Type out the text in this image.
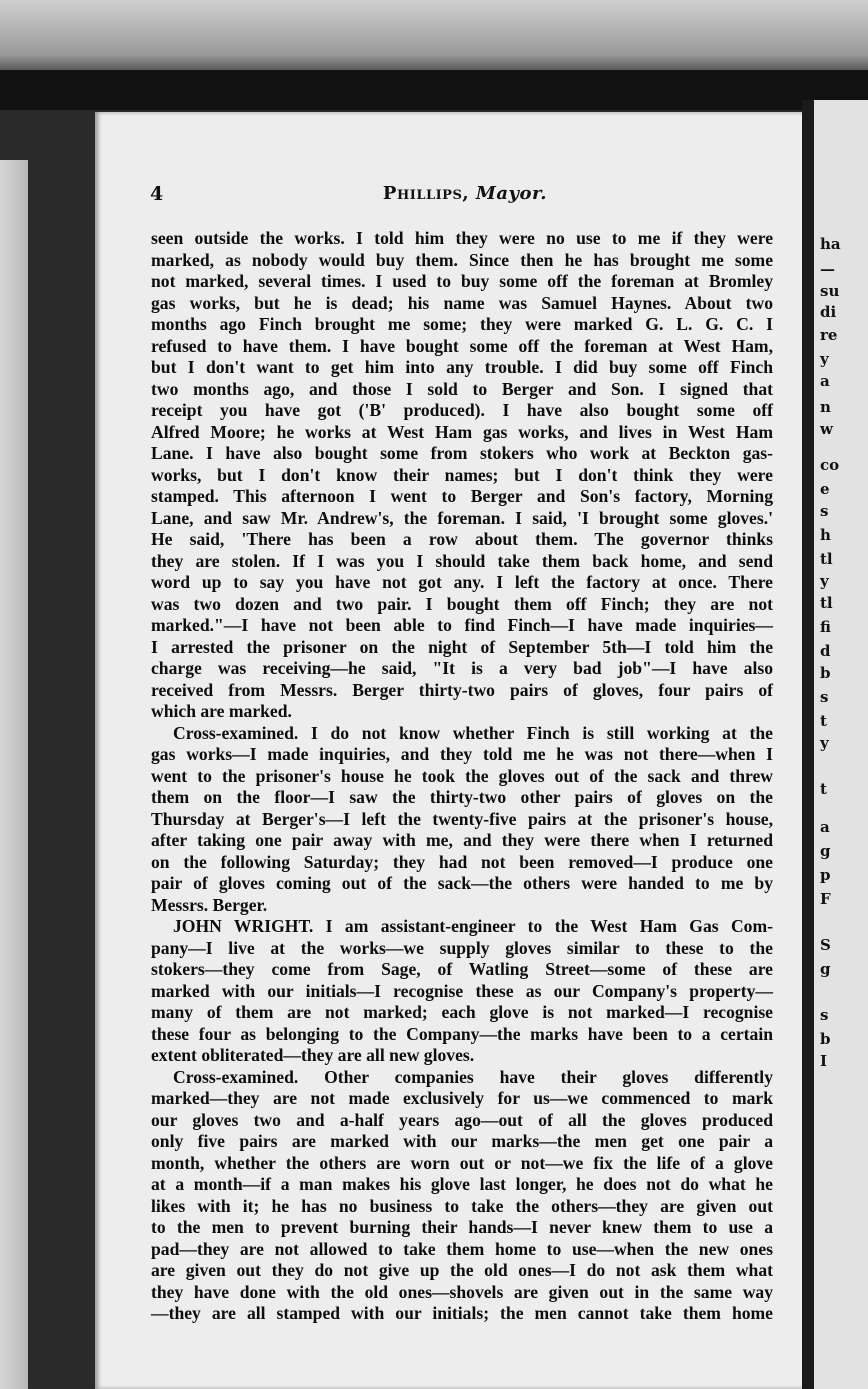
ha
—
su
di
re
y
a
n
w
co
e
s
h
tl
y
tl
fi
d
b
s
t
y
t
a
g
p
F
S
g
s
b
I
4	Phillips, Mayor.
seen outside the works. I told him they were no use to me if they were
marked, as nobody would buy them. Since then he has brought me some
not marked, several times. I used to buy some off the foreman at Bromley
gas works, but he is dead; his name was Samuel Haynes. About two
months ago Finch brought me some; they were marked G. L. G. C. I
refused to have them. I have bought some off the foreman at West Ham,
but I don't want to get him into any trouble. I did buy some off Finch
two months ago, and those I sold to Berger and Son. I signed that
receipt you have got ('B' produced). I have also bought some off
Alfred Moore; he works at West Ham gas works, and lives in West Ham
Lane. I have also bought some from stokers who work at Beckton gas-
works, but I don't know their names; but I don't think they were
stamped. This afternoon I went to Berger and Son's factory, Morning
Lane, and saw Mr. Andrew's, the foreman. I said, 'I brought some gloves.'
He said, 'There has been a row about them. The governor thinks
they are stolen. If I was you I should take them back home, and send
word up to say you have not got any. I left the factory at once. There
was two dozen and two pair. I bought them off Finch; they are not
marked."—I have not been able to find Finch—I have made inquiries—
I arrested the prisoner on the night of September 5th—I told him the
charge was receiving—he said, "It is a very bad job"—I have also
received from Messrs. Berger thirty-two pairs of gloves, four pairs of
which are marked.
Cross-examined. I do not know whether Finch is still working at the
gas works—I made inquiries, and they told me he was not there—when I
went to the prisoner's house he took the gloves out of the sack and threw
them on the floor—I saw the thirty-two other pairs of gloves on the
Thursday at Berger's—I left the twenty-five pairs at the prisoner's house,
after taking one pair away with me, and they were there when I returned
on the following Saturday; they had not been removed—I produce one
pair of gloves coming out of the sack—the others were handed to me by
Messrs. Berger.
JOHN WRIGHT. I am assistant-engineer to the West Ham Gas Com-
pany—I live at the works—we supply gloves similar to these to the
stokers—they come from Sage, of Watling Street—some of these are
marked with our initials—I recognise these as our Company's property—
many of them are not marked; each glove is not marked—I recognise
these four as belonging to the Company—the marks have been to a certain
extent obliterated—they are all new gloves.
Cross-examined. Other companies have their gloves differently
marked—they are not made exclusively for us—we commenced to mark
our gloves two and a-half years ago—out of all the gloves produced
only five pairs are marked with our marks—the men get one pair a
month, whether the others are worn out or not—we fix the life of a glove
at a month—if a man makes his glove last longer, he does not do what he
likes with it; he has no business to take the others—they are given out
to the men to prevent burning their hands—I never knew them to use a
pad—they are not allowed to take them home to use—when the new ones
are given out they do not give up the old ones—I do not ask them what
they have done with the old ones—shovels are given out in the same way
—they are all stamped with our initials; the men cannot take them home
